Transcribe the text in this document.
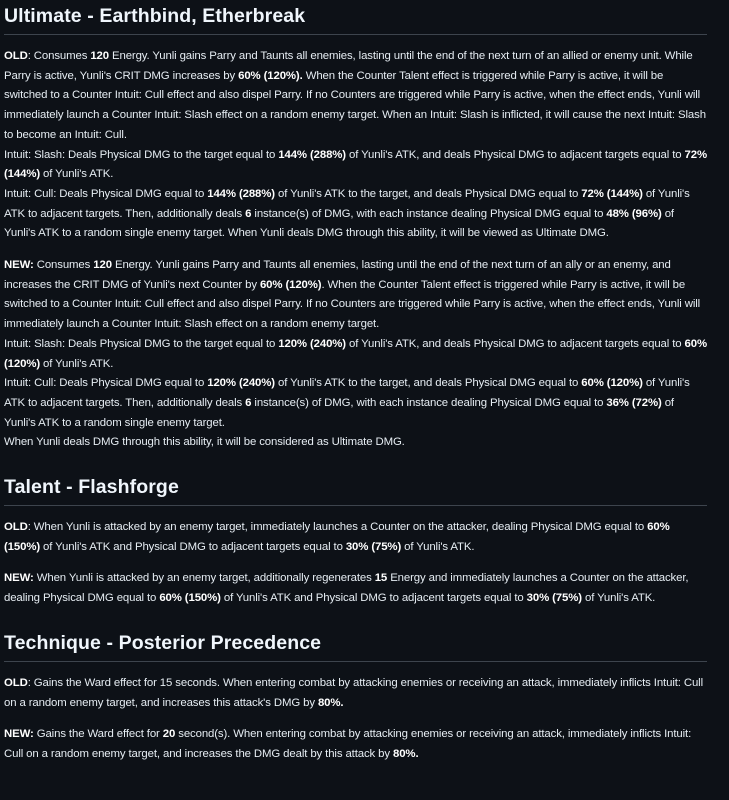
Ultimate - Earthbind, Etherbreak

OLD: Consumes 120 Energy. Yunli gains Parry and Taunts all enemies, lasting until the end of the next turn of an allied or enemy unit. While Parry is active, Yunli's CRIT DMG increases by 60% (120%). When the Counter Talent effect is triggered while Parry is active, it will be switched to a Counter Intuit: Cull effect and also dispel Parry. If no Counters are triggered while Parry is active, when the effect ends, Yunli will immediately launch a Counter Intuit: Slash effect on a random enemy target. When an Intuit: Slash is inflicted, it will cause the next Intuit: Slash to become an Intuit: Cull.
Intuit: Slash: Deals Physical DMG to the target equal to 144% (288%) of Yunli's ATK, and deals Physical DMG to adjacent targets equal to 72% (144%) of Yunli's ATK.
Intuit: Cull: Deals Physical DMG equal to 144% (288%) of Yunli's ATK to the target, and deals Physical DMG equal to 72% (144%) of Yunli's ATK to adjacent targets. Then, additionally deals 6 instance(s) of DMG, with each instance dealing Physical DMG equal to 48% (96%) of Yunli's ATK to a random single enemy target. When Yunli deals DMG through this ability, it will be viewed as Ultimate DMG.

NEW: Consumes 120 Energy. Yunli gains Parry and Taunts all enemies, lasting until the end of the next turn of an ally or an enemy, and increases the CRIT DMG of Yunli's next Counter by 60% (120%). When the Counter Talent effect is triggered while Parry is active, it will be switched to a Counter Intuit: Cull effect and also dispel Parry. If no Counters are triggered while Parry is active, when the effect ends, Yunli will immediately launch a Counter Intuit: Slash effect on a random enemy target.
Intuit: Slash: Deals Physical DMG to the target equal to 120% (240%) of Yunli's ATK, and deals Physical DMG to adjacent targets equal to 60% (120%) of Yunli's ATK.
Intuit: Cull: Deals Physical DMG equal to 120% (240%) of Yunli's ATK to the target, and deals Physical DMG equal to 60% (120%) of Yunli's ATK to adjacent targets. Then, additionally deals 6 instance(s) of DMG, with each instance dealing Physical DMG equal to 36% (72%) of Yunli's ATK to a random single enemy target.
When Yunli deals DMG through this ability, it will be considered as Ultimate DMG.

Talent - Flashforge

OLD: When Yunli is attacked by an enemy target, immediately launches a Counter on the attacker, dealing Physical DMG equal to 60% (150%) of Yunli's ATK and Physical DMG to adjacent targets equal to 30% (75%) of Yunli's ATK.

NEW: When Yunli is attacked by an enemy target, additionally regenerates 15 Energy and immediately launches a Counter on the attacker, dealing Physical DMG equal to 60% (150%) of Yunli's ATK and Physical DMG to adjacent targets equal to 30% (75%) of Yunli's ATK.

Technique - Posterior Precedence

OLD: Gains the Ward effect for 15 seconds. When entering combat by attacking enemies or receiving an attack, immediately inflicts Intuit: Cull on a random enemy target, and increases this attack's DMG by 80%.

NEW: Gains the Ward effect for 20 second(s). When entering combat by attacking enemies or receiving an attack, immediately inflicts Intuit: Cull on a random enemy target, and increases the DMG dealt by this attack by 80%.
